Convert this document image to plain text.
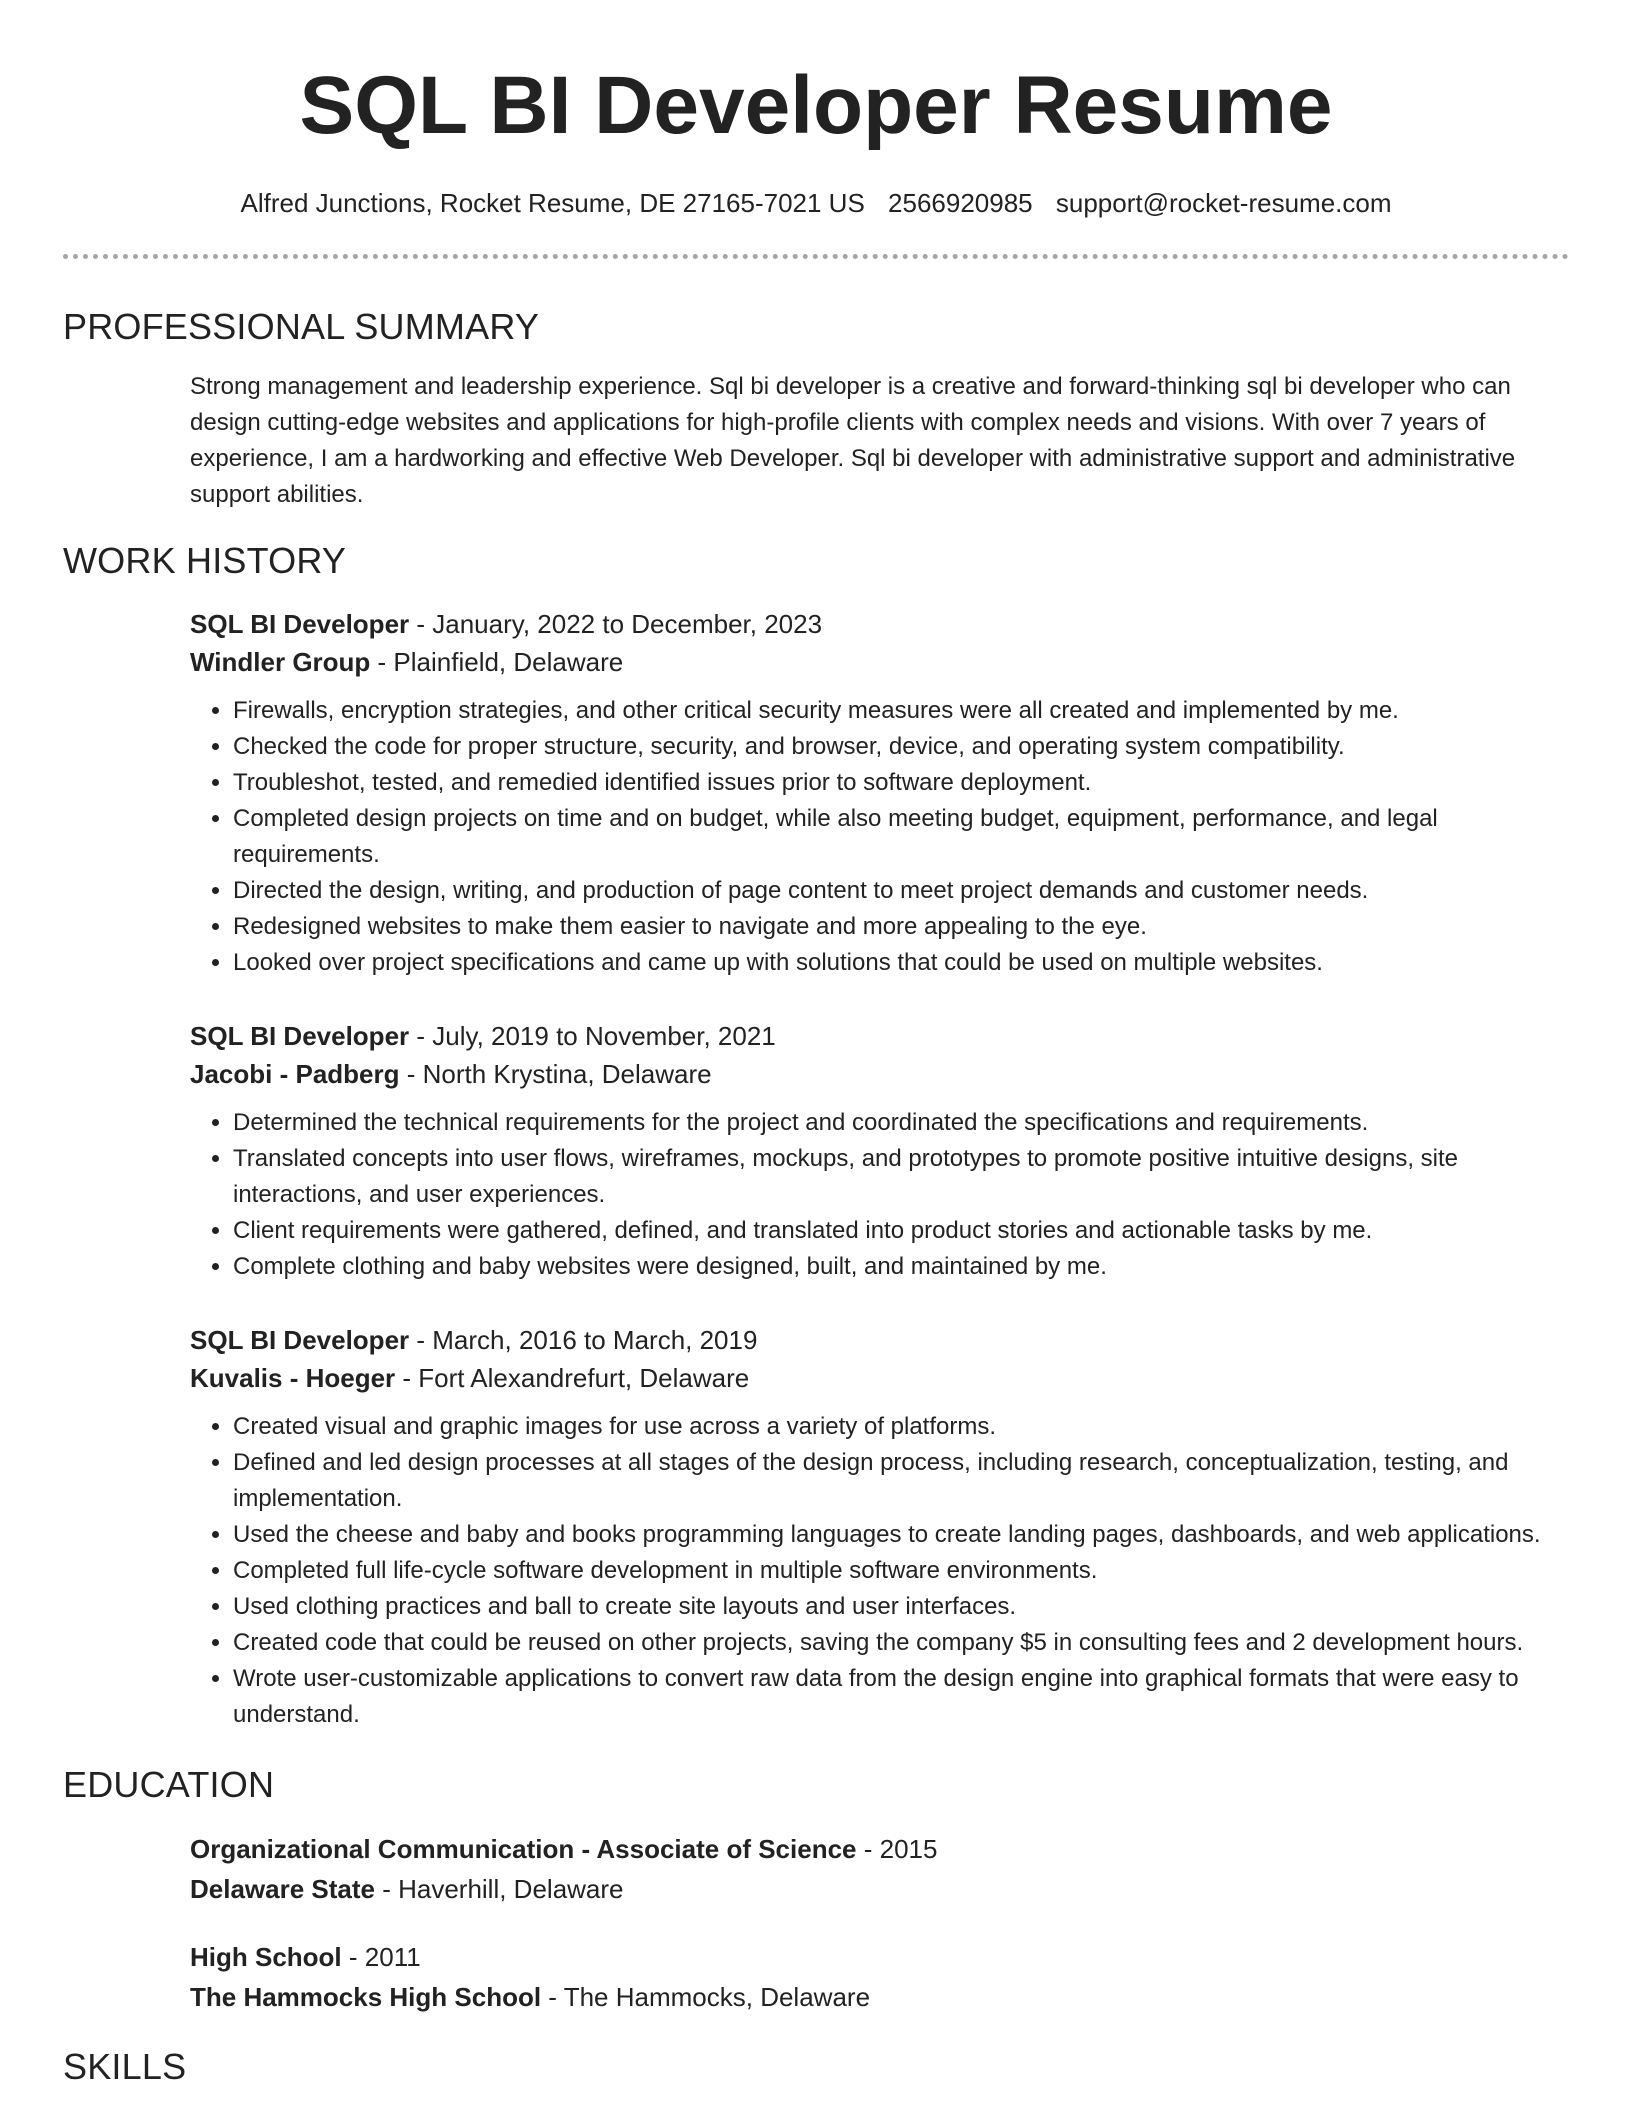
SQL BI Developer Resume
Alfred Junctions, Rocket Resume, DE 27165-7021 US 2566920985 support@rocket-resume.com
PROFESSIONAL SUMMARY

Strong management and leadership experience. Sql bi developer is a creative and forward-thinking sql bi developer who can design cutting-edge websites and applications for high-profile clients with complex needs and visions. With over 7 years of experience, I am a hardworking and effective Web Developer. Sql bi developer with administrative support and administrative support abilities.

WORK HISTORY
SQL BI Developer - January, 2022 to December, 2023
Windler Group - Plainfield, Delaware
• Firewalls, encryption strategies, and other critical security measures were all created and implemented by me.
• Checked the code for proper structure, security, and browser, device, and operating system compatibility.
• Troubleshot, tested, and remedied identified issues prior to software deployment.
• Completed design projects on time and on budget, while also meeting budget, equipment, performance, and legal requirements.
• Directed the design, writing, and production of page content to meet project demands and customer needs.
• Redesigned websites to make them easier to navigate and more appealing to the eye.
• Looked over project specifications and came up with solutions that could be used on multiple websites.
SQL BI Developer - July, 2019 to November, 2021
Jacobi - Padberg - North Krystina, Delaware
• Determined the technical requirements for the project and coordinated the specifications and requirements.
• Translated concepts into user flows, wireframes, mockups, and prototypes to promote positive intuitive designs, site interactions, and user experiences.
• Client requirements were gathered, defined, and translated into product stories and actionable tasks by me.
• Complete clothing and baby websites were designed, built, and maintained by me.
SQL BI Developer - March, 2016 to March, 2019
Kuvalis - Hoeger - Fort Alexandrefurt, Delaware
• Created visual and graphic images for use across a variety of platforms.
• Defined and led design processes at all stages of the design process, including research, conceptualization, testing, and implementation.
• Used the cheese and baby and books programming languages to create landing pages, dashboards, and web applications.
• Completed full life-cycle software development in multiple software environments.
• Used clothing practices and ball to create site layouts and user interfaces.
• Created code that could be reused on other projects, saving the company $5 in consulting fees and 2 development hours.
• Wrote user-customizable applications to convert raw data from the design engine into graphical formats that were easy to understand.
EDUCATION
Organizational Communication - Associate of Science - 2015
Delaware State - Haverhill, Delaware
High School - 2011
The Hammocks High School - The Hammocks, Delaware
SKILLS
